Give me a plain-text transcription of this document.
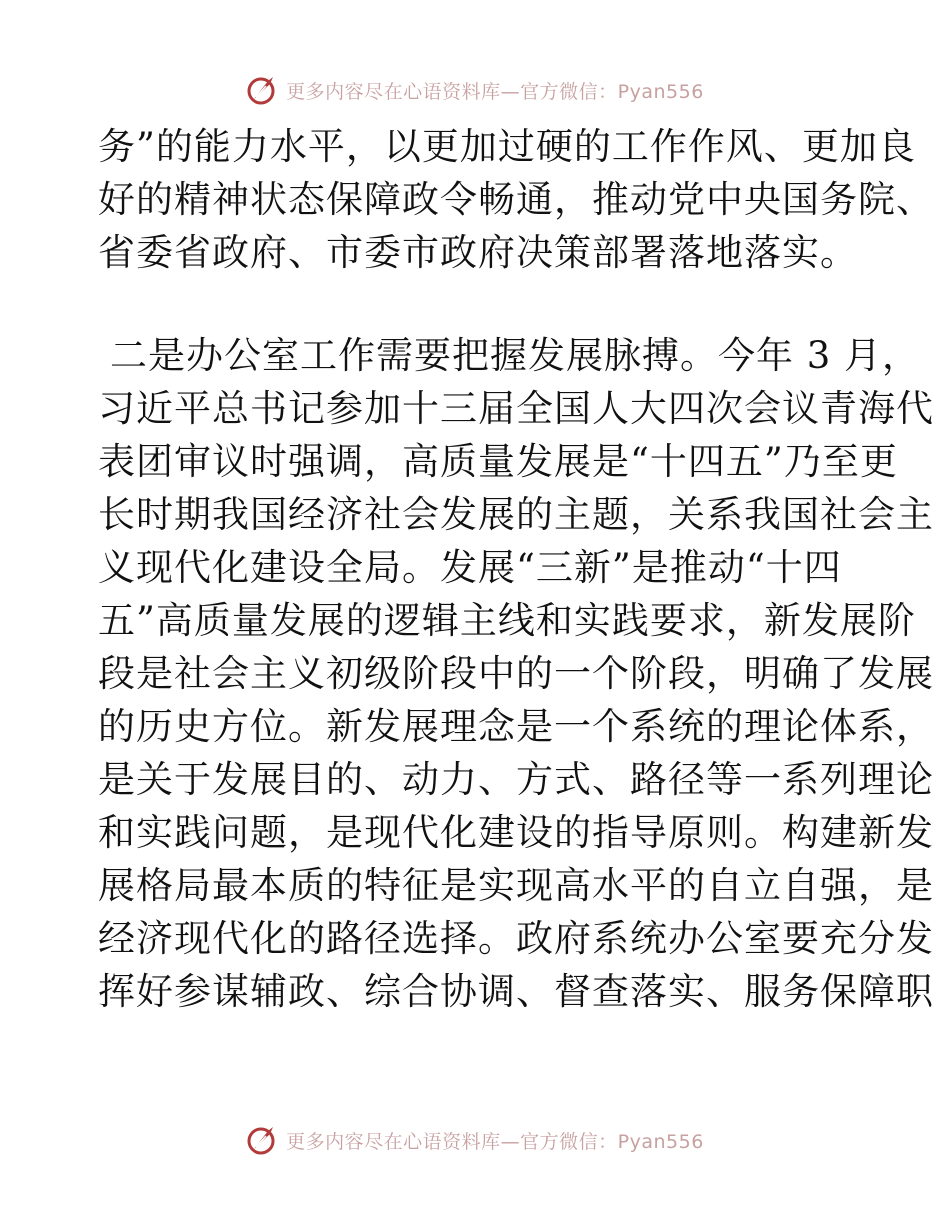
更多内容尽在心语资料库—官方微信：Pyan556

务”的能力水平，以更加过硬的工作作风、更加良
好的精神状态保障政令畅通，推动党中央国务院、
省委省政府、市委市政府决策部署落地落实。

二是办公室工作需要把握发展脉搏。今年 3 月，
习近平总书记参加十三届全国人大四次会议青海代
表团审议时强调，高质量发展是“十四五”乃至更
长时期我国经济社会发展的主题，关系我国社会主
义现代化建设全局。发展“三新”是推动“十四
五”高质量发展的逻辑主线和实践要求，新发展阶
段是社会主义初级阶段中的一个阶段，明确了发展
的历史方位。新发展理念是一个系统的理论体系，
是关于发展目的、动力、方式、路径等一系列理论
和实践问题，是现代化建设的指导原则。构建新发
展格局最本质的特征是实现高水平的自立自强，是
经济现代化的路径选择。政府系统办公室要充分发
挥好参谋辅政、综合协调、督查落实、服务保障职

更多内容尽在心语资料库—官方微信：Pyan556
